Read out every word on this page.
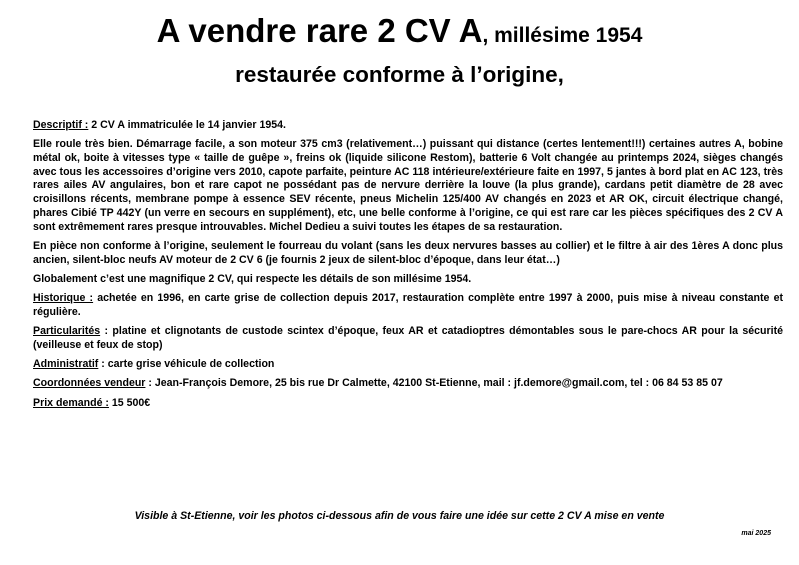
A vendre rare 2 CV A, millésime 1954
restaurée conforme à l’origine,

Descriptif : 2 CV A immatriculée le 14 janvier 1954.

Elle roule très bien. Démarrage facile, a son moteur 375 cm3 (relativement…) puissant qui distance (certes lentement!!!) certaines autres A, bobine métal ok, boite à vitesses type « taille de guêpe », freins ok (liquide silicone Restom), batterie 6 Volt changée au printemps 2024, sièges changés avec tous les accessoires d’origine vers 2010, capote parfaite, peinture AC 118 intérieure/extérieure faite en 1997, 5 jantes à bord plat en AC 123, très rares ailes AV angulaires, bon et rare capot ne possédant pas de nervure derrière la louve (la plus grande), cardans petit diamètre de 28 avec croisillons récents, membrane pompe à essence SEV récente, pneus Michelin 125/400 AV changés en 2023 et AR OK, circuit électrique changé, phares Cibié TP 442Y (un verre en secours en supplément), etc, une belle conforme à l’origine, ce qui est rare car les pièces spécifiques des 2 CV A sont extrêmement rares presque introuvables. Michel Dedieu a suivi toutes les étapes de sa restauration.

En pièce non conforme à l’origine, seulement le fourreau du volant (sans les deux nervures basses au collier) et le filtre à air des 1ères A donc plus ancien, silent-bloc neufs AV moteur de 2 CV 6 (je fournis 2 jeux de silent-bloc d’époque, dans leur état…)

Globalement c’est une magnifique 2 CV, qui respecte les détails de son millésime 1954.

Historique : achetée en 1996, en carte grise de collection depuis 2017, restauration complète entre 1997 à 2000, puis mise à niveau constante et régulière.

Particularités : platine et clignotants de custode scintex d’époque, feux AR et catadioptres démontables sous le pare-chocs AR pour la sécurité (veilleuse et feux de stop)

Administratif : carte grise véhicule de collection

Coordonnées vendeur : Jean-François Demore, 25 bis rue Dr Calmette, 42100 St-Etienne, mail : jf.demore@gmail.com, tel : 06 84 53 85 07

Prix demandé : 15 500€

Visible à St-Etienne, voir les photos ci-dessous afin de vous faire une idée sur cette 2 CV A mise en vente
mai 2025
